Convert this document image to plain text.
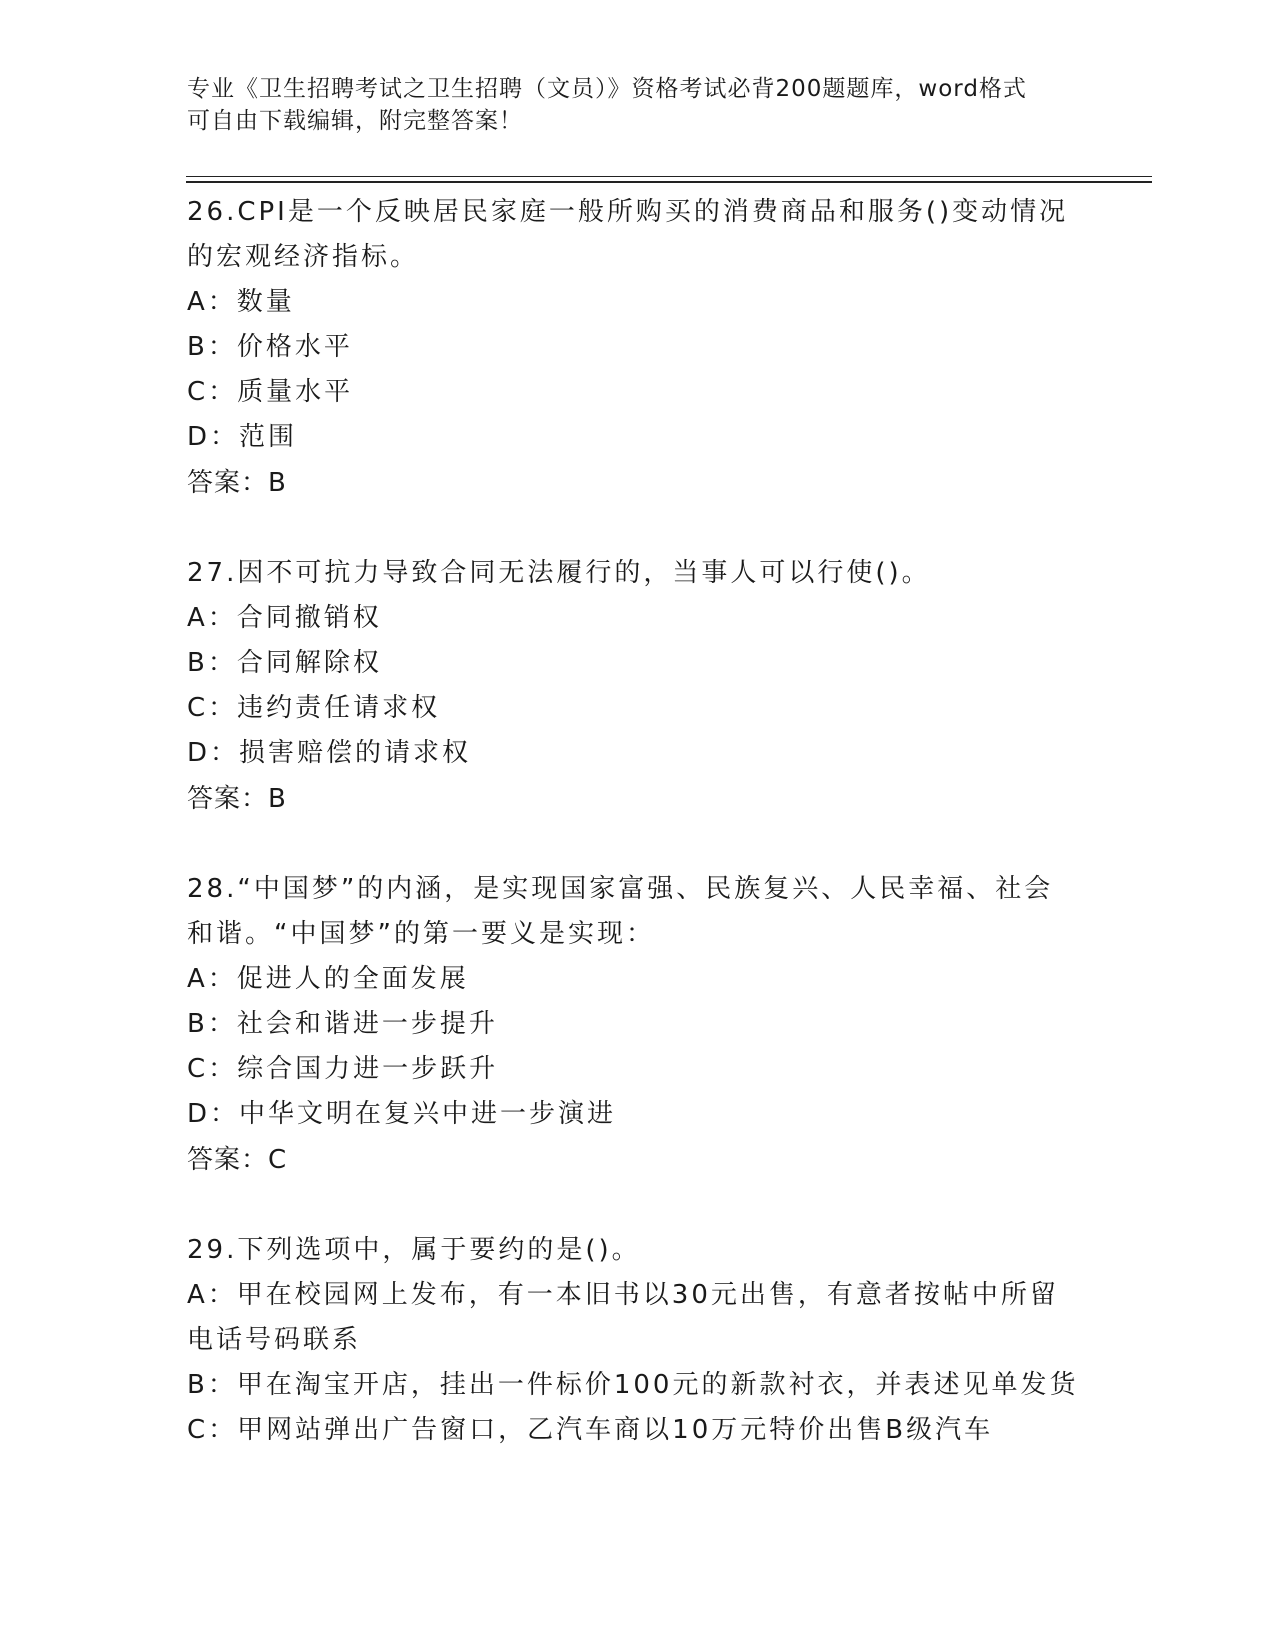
专业《卫生招聘考试之卫生招聘（文员）》资格考试必背200题题库，word格式
可自由下载编辑，附完整答案！

26.CPI是一个反映居民家庭一般所购买的消费商品和服务()变动情况

的宏观经济指标。

A：数量

B：价格水平

C：质量水平

D：范围

答案：B

27.因不可抗力导致合同无法履行的，当事人可以行使()。

A：合同撤销权

B：合同解除权

C：违约责任请求权

D：损害赔偿的请求权

答案：B

28.“中国梦”的内涵，是实现国家富强、民族复兴、人民幸福、社会

和谐。“中国梦”的第一要义是实现：

A：促进人的全面发展

B：社会和谐进一步提升

C：综合国力进一步跃升

D：中华文明在复兴中进一步演进

答案：C

29.下列选项中，属于要约的是()。

A：甲在校园网上发布，有一本旧书以30元出售，有意者按帖中所留

电话号码联系

B：甲在淘宝开店，挂出一件标价100元的新款衬衣，并表述见单发货

C：甲网站弹出广告窗口，乙汽车商以10万元特价出售B级汽车
